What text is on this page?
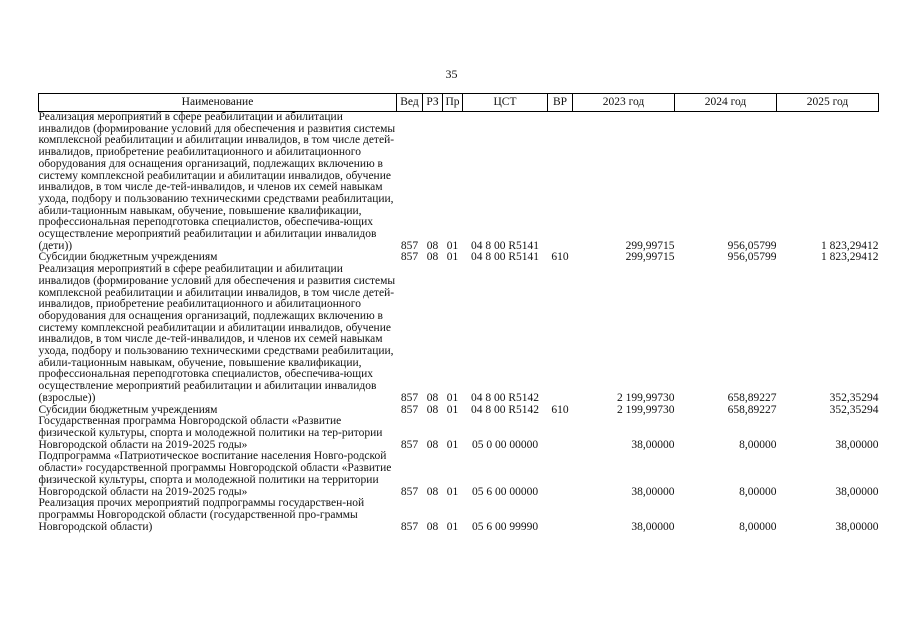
35
Наименование	Вед	РЗ	Пр	ЦСТ	ВР	2023 год	2024 год	2025 год
Реализация мероприятий в сфере реабилитации и абилитации инвалидов (формирование условий для обеспечения и развития системы комплексной реабилитации и абилитации инвалидов, в том числе детей-инвалидов, приобретение реабилитационного и абилитационного оборудования для оснащения организаций, подлежащих включению в систему комплексной реабилитации и абилитации инвалидов, обучение инвалидов, в том числе де-тей-инвалидов, и членов их семей навыкам ухода, подбору и пользованию техническими средствами реабилитации, абили-тационным навыкам, обучение, повышение квалификации, профессиональная переподготовка специалистов, обеспечива-ющих осуществление мероприятий реабилитации и абилитации инвалидов (дети))	857	08	01	04 8 00 R5141		299,99715	956,05799	1 823,29412
Субсидии бюджетным учреждениям	857	08	01	04 8 00 R5141	610	299,99715	956,05799	1 823,29412
Реализация мероприятий в сфере реабилитации и абилитации инвалидов (формирование условий для обеспечения и развития системы комплексной реабилитации и абилитации инвалидов, в том числе детей-инвалидов, приобретение реабилитационного и абилитационного оборудования для оснащения организаций, подлежащих включению в систему комплексной реабилитации и абилитации инвалидов, обучение инвалидов, в том числе де-тей-инвалидов, и членов их семей навыкам ухода, подбору и пользованию техническими средствами реабилитации, абили-тационным навыкам, обучение, повышение квалификации, профессиональная переподготовка специалистов, обеспечива-ющих осуществление мероприятий реабилитации и абилитации инвалидов (взрослые))	857	08	01	04 8 00 R5142		2 199,99730	658,89227	352,35294
Субсидии бюджетным учреждениям	857	08	01	04 8 00 R5142	610	2 199,99730	658,89227	352,35294
Государственная программа Новгородской области «Развитие физической культуры, спорта и молодежной политики на тер-ритории Новгородской области на 2019-2025 годы»	857	08	01	05 0 00 00000		38,00000	8,00000	38,00000
Подпрограмма «Патриотическое воспитание населения Новго-родской области» государственной программы Новгородской области «Развитие физической культуры, спорта и молодежной политики на территории Новгородской области на 2019-2025 годы»	857	08	01	05 6 00 00000		38,00000	8,00000	38,00000
Реализация прочих мероприятий подпрограммы государствен-ной программы Новгородской области (государственной про-граммы Новгородской области)	857	08	01	05 6 00 99990		38,00000	8,00000	38,00000
